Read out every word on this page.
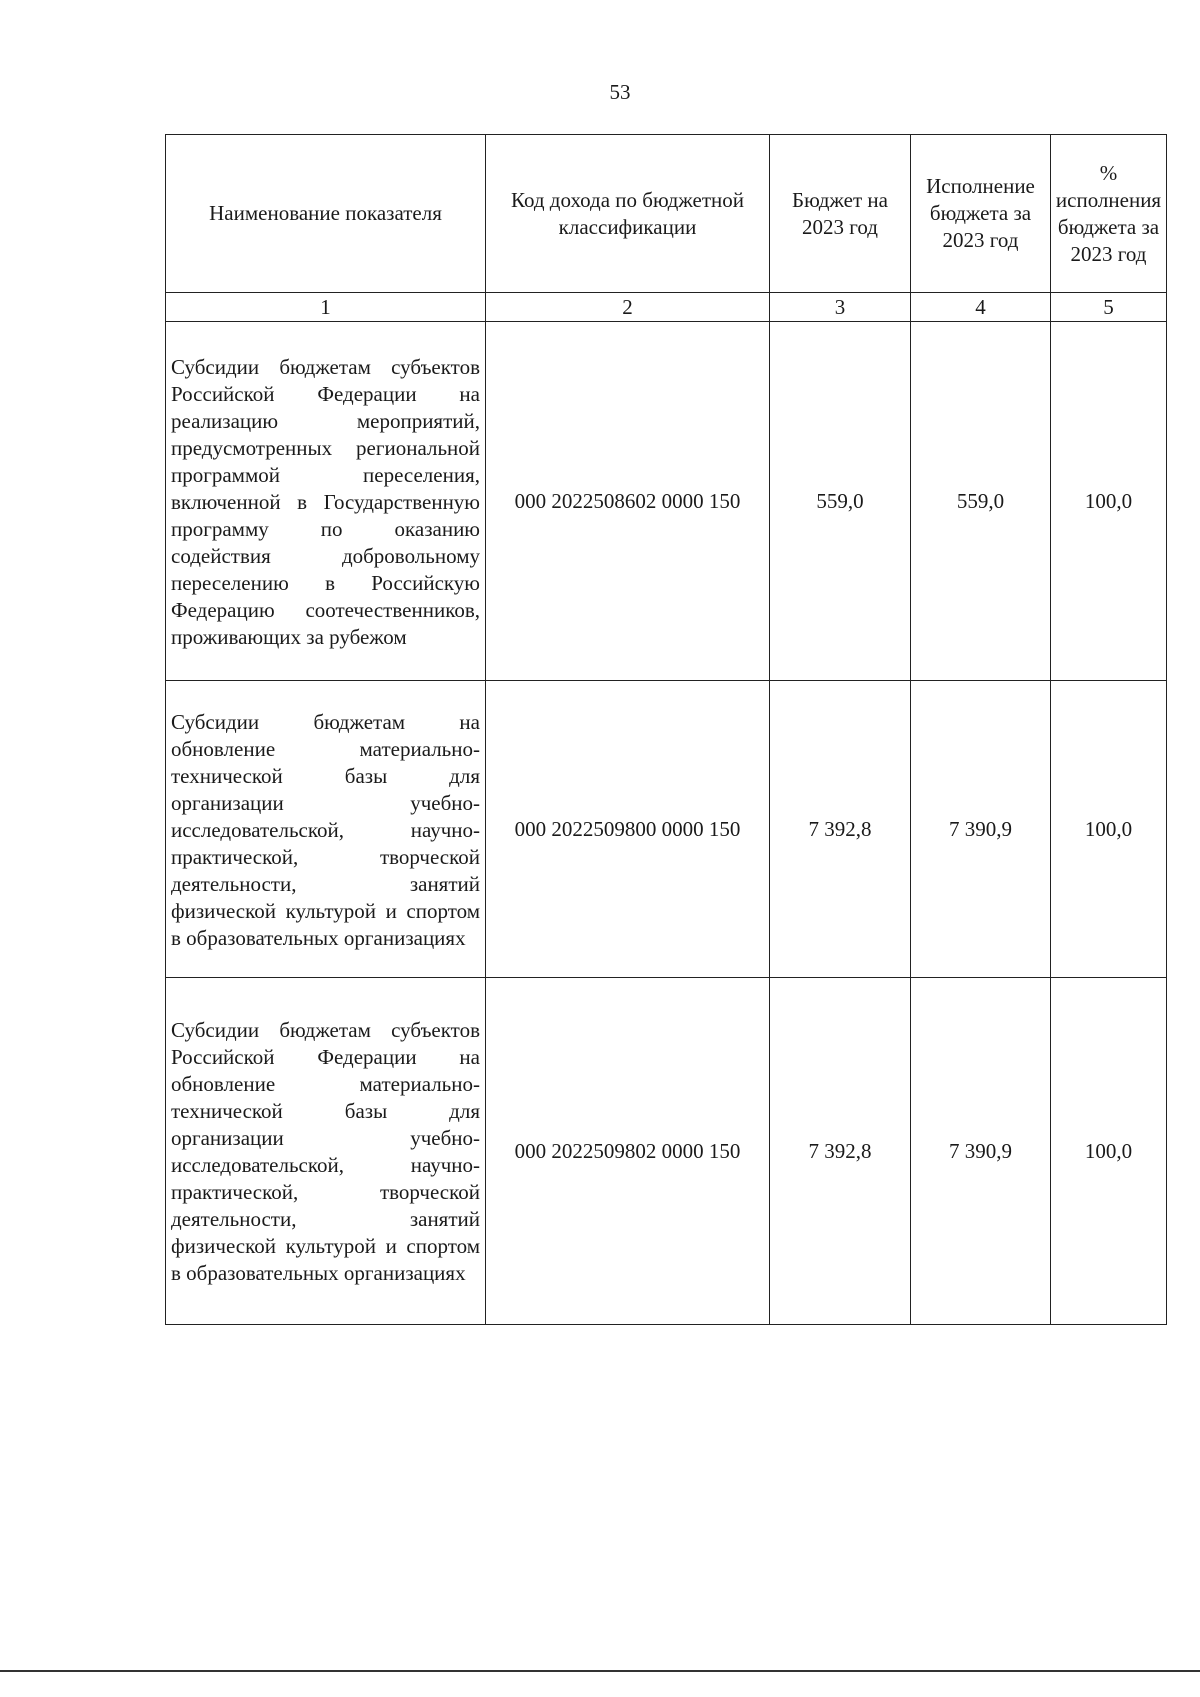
53
Наименование показателя	Код дохода по бюджетной классификации	Бюджет на 2023 год	Исполнение бюджета за 2023 год	% исполнения бюджета за 2023 год
1	2	3	4	5
Субсидии бюджетам субъектов Российской Федерации на реализацию мероприятий, предусмотренных региональной программой переселения, включенной в Государственную программу по оказанию содействия добровольному переселению в Российскую Федерацию соотечественников, проживающих за рубежом	000 2022508602 0000 150	559,0	559,0	100,0
Субсидии бюджетам на обновление материально-технической базы для организации учебно-исследовательской, научно-практической, творческой деятельности, занятий физической культурой и спортом в образовательных организациях	000 2022509800 0000 150	7 392,8	7 390,9	100,0
Субсидии бюджетам субъектов Российской Федерации на обновление материально-технической базы для организации учебно-исследовательской, научно-практической, творческой деятельности, занятий физической культурой и спортом в образовательных организациях	000 2022509802 0000 150	7 392,8	7 390,9	100,0
